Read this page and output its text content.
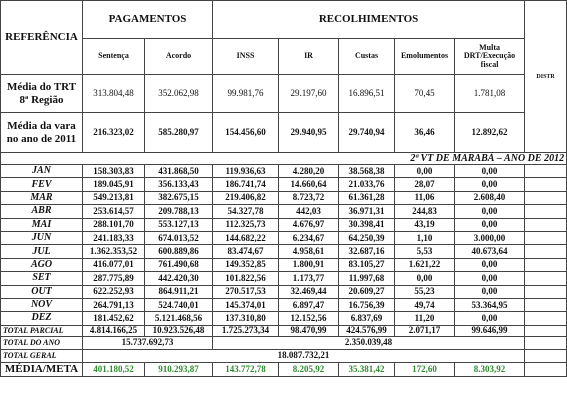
REFERÊNCIA	PAGAMENTOS		RECOLHIMENTOS					DISTR
	Sentença	Acordo	INSS	IR	Custas	Emolumentos	Multa DRT/Execução fiscal	
Média do TRT 8ª Região	313.804,48	352.062,98	99.981,76	29.197,60	16.896,51	70,45	1.781,08	
Média da vara no ano de 2011	216.323,02	585.280,97	154.456,60	29.940,95	29.740,94	36,46	12.892,62	
2ª VT DE MARABÁ – ANO DE 2012								
JAN	158.303,83	431.868,50	119.936,63	4.280,20	38.568,38	0,00	0,00	
FEV	189.045,91	356.133,43	186.741,74	14.660,64	21.033,76	28,07	0,00	
MAR	549.213,81	382.675,15	219.406,82	8.723,72	61.361,28	11,06	2.608,40	
ABR	253.614,57	209.788,13	54.327,78	442,03	36.971,31	244,83	0,00	
MAI	288.101,70	553.127,13	112.325,73	4.676,97	30.398,41	43,19	0,00	
JUN	241.183,33	674.013,52	144.682,22	6.234,67	64.250,39	1,10	3.000,00	
JUL	1.362.353,52	600.889,86	83.474,67	4.958,61	32.687,16	5,53	40.673,64	
AGO	416.077,01	761.490,68	149.352,85	1.800,91	83.105,27	1.621,22	0,00	
SET	287.775,89	442.420,30	101.822,56	1.173,77	11.997,68	0,00	0,00	
OUT	622.252,93	864.911,21	270.517,53	32.469,44	20.609,27	55,23	0,00	
NOV	264.791,13	524.740,01	145.374,01	6.897,47	16.756,39	49,74	53.364,95	
DEZ	181.452,62	5.121.468,56	137.310,80	12.152,56	6.837,69	11,20	0,00	
TOTAL PARCIAL	4.814.166,25	10.923.526,48	1.725.273,34	98.470,99	424.576,99	2.071,17	99.646,99	
TOTAL DO ANO	15.737.692,73		2.350.039,48					
TOTAL GERAL	18.087.732,21							
MÉDIA/META	401.180,52	910.293,87	143.772,78	8.205,92	35.381,42	172,60	8.303,92	
